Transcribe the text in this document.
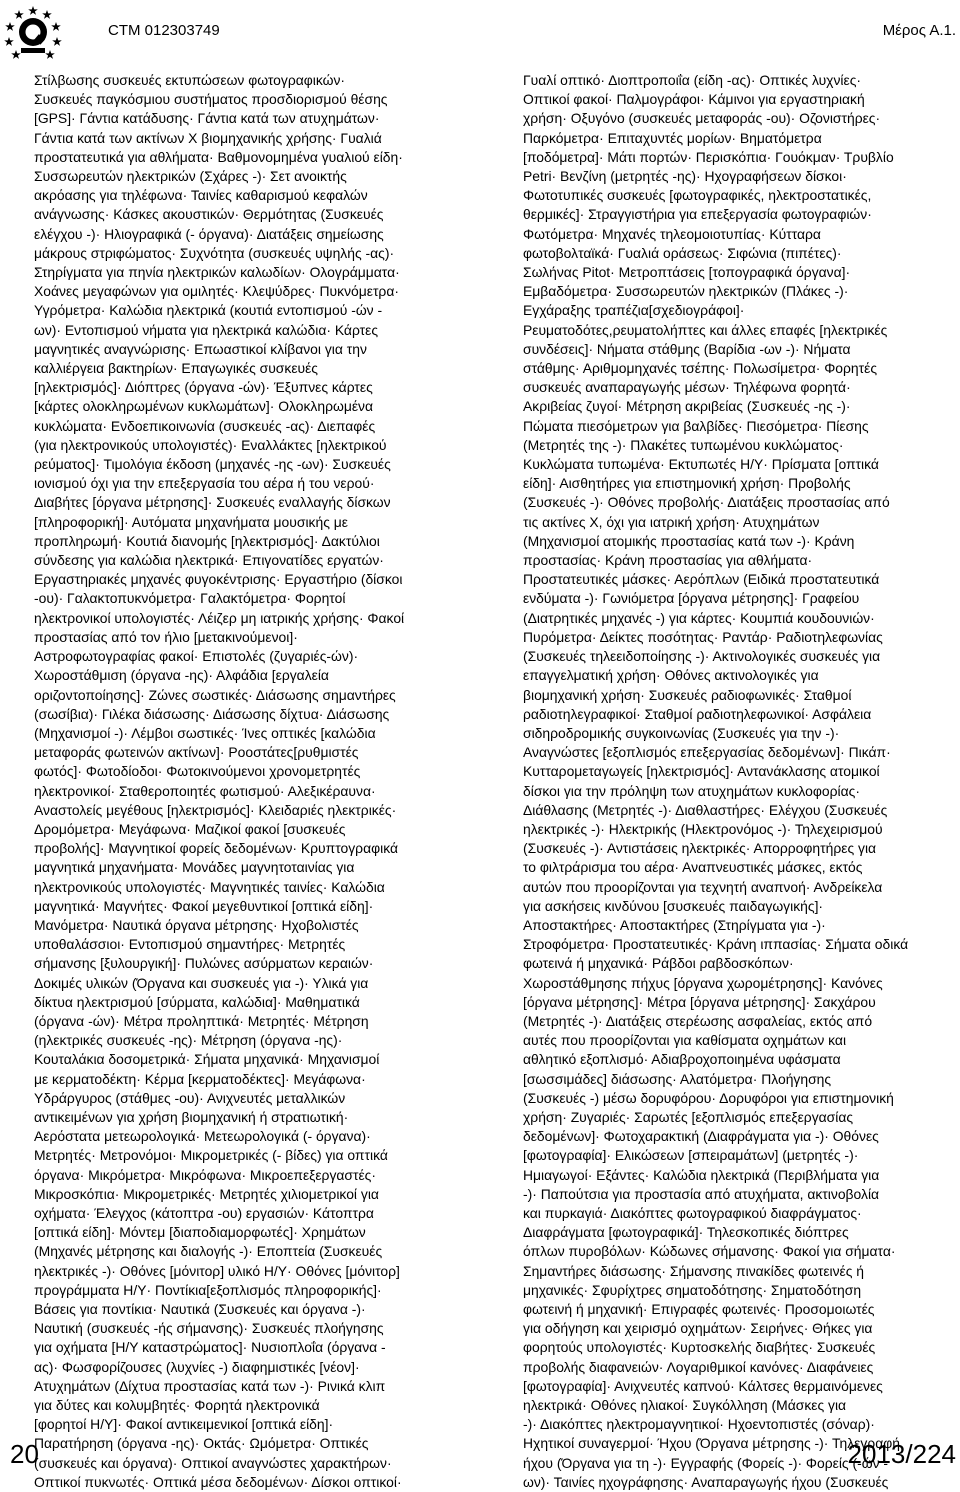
CTM 012303749	Μέρος Α.1.
Στίλβωσης συσκευές εκτυπώσεων φωτογραφικών·
Συσκευές παγκόσμιου συστήματος προσδιορισμού θέσης
[GPS]· Γάντια κατάδυσης· Γάντια κατά των ατυχημάτων·
Γάντια κατά των ακτίνων Χ βιομηχανικής χρήσης· Γυαλιά
προστατευτικά για αθλήματα· Βαθμονομημένα γυαλιού είδη·
Συσσωρευτών ηλεκτρικών (Σχάρες -)· Σετ ανοικτής
ακρόασης για τηλέφωνα· Ταινίες καθαρισμού κεφαλών
ανάγνωσης· Κάσκες ακουστικών· Θερμότητας (Συσκευές
ελέγχου -)· Ηλιογραφικά (- όργανα)· Διατάξεις σημείωσης
μάκρους στριφώματος· Συχνότητα (συσκευές υψηλής -ας)·
Στηρίγματα για πηνία ηλεκτρικών καλωδίων· Ολογράμματα·
Χοάνες μεγαφώνων για ομιλητές· Κλεψύδρες· Πυκνόμετρα·
Υγρόμετρα· Καλώδια ηλεκτρικά (κουτιά εντοπισμού -ών -
ων)· Εντοπισμού νήματα για ηλεκτρικά καλώδια· Κάρτες
μαγνητικές αναγνώρισης· Επωαστικοί κλίβανοι για την
καλλιέργεια βακτηρίων· Επαγωγικές συσκευές
[ηλεκτρισμός]· Διόπτρες (όργανα -ών)· Έξυπνες κάρτες
[κάρτες ολοκληρωμένων κυκλωμάτων]· Ολοκληρωμένα
κυκλώματα· Ενδοεπικοινωνία (συσκευές -ας)· Διεπαφές
(για ηλεκτρονικούς υπολογιστές)· Εναλλάκτες [ηλεκτρικού
ρεύματος]· Τιμολόγια έκδοση (μηχανές -ης -ων)· Συσκευές
ιονισμού όχι για την επεξεργασία του αέρα ή του νερού·
Διαβήτες [όργανα μέτρησης]· Συσκευές εναλλαγής δίσκων
[πληροφορική]· Αυτόματα μηχανήματα μουσικής με
προπληρωμή· Κουτιά διανομής [ηλεκτρισμός]· Δακτύλιοι
σύνδεσης για καλώδια ηλεκτρικά· Επιγονατίδες εργατών·
Εργαστηριακές μηχανές φυγοκέντρισης· Εργαστήριο (δίσκοι
-ου)· Γαλακτοπυκνόμετρα· Γαλακτόμετρα· Φορητοί
ηλεκτρονικοί υπολογιστές· Λέιζερ μη ιατρικής χρήσης· Φακοί
προστασίας από τον ήλιο [μετακινούμενοι]·
Αστροφωτογραφίας φακοί· Επιστολές (ζυγαριές-ών)·
Χωροστάθμιση (όργανα -ης)· Αλφάδια [εργαλεία
οριζοντοποίησης]· Ζώνες σωστικές· Διάσωσης σημαντήρες
(σωσίβια)· Γιλέκα διάσωσης· Διάσωσης δίχτυα· Διάσωσης
(Μηχανισμοί -)· Λέμβοι σωστικές· Ίνες οπτικές [καλώδια
μεταφοράς φωτεινών ακτίνων]· Ροοστάτες[ρυθμιστές
φωτός]· Φωτοδίοδοι· Φωτοκινούμενοι χρονομετρητές
ηλεκτρονικοί· Σταθεροποιητές φωτισμού· Αλεξικέραυνα·
Αναστολείς μεγέθους [ηλεκτρισμός]· Κλειδαριές ηλεκτρικές·
Δρομόμετρα· Μεγάφωνα· Μαζικοί φακοί [συσκευές
προβολής]· Μαγνητικοί φορείς δεδομένων· Κρυπτογραφικά
μαγνητικά μηχανήματα· Μονάδες μαγνητοταινίας για
ηλεκτρονικούς υπολογιστές· Μαγνητικές ταινίες· Καλώδια
μαγνητικά· Μαγνήτες· Φακοί μεγεθυντικοί [οπτικά είδη]·
Μανόμετρα· Ναυτικά όργανα μέτρησης· Ηχοβολιστές
υποθαλάσσιοι· Εντοπισμού σημαντήρες· Μετρητές
σήμανσης [ξυλουργική]· Πυλώνες ασύρματων κεραιών·
Δοκιμές υλικών (Όργανα και συσκευές για -)· Υλικά για
δίκτυα ηλεκτρισμού [σύρματα, καλώδια]· Μαθηματικά
(όργανα -ών)· Μέτρα προληπτικά· Μετρητές· Μέτρηση
(ηλεκτρικές συσκευές -ης)· Μέτρηση (όργανα -ης)·
Κουταλάκια δοσομετρικά· Σήματα μηχανικά· Μηχανισμοί
με κερματοδέκτη· Κέρμα [κερματοδέκτες]· Μεγάφωνα·
Υδράργυρος (στάθμες -ου)· Ανιχνευτές μεταλλικών
αντικειμένων για χρήση βιομηχανική ή στρατιωτική·
Αερόστατα μετεωρολογικά· Μετεωρολογικά (- όργανα)·
Μετρητές· Μετρονόμοι· Μικρομετρικές (- βίδες) για οπτικά
όργανα· Μικρόμετρα· Μικρόφωνα· Μικροεπεξεργαστές·
Μικροσκόπια· Μικρομετρικές· Μετρητές χιλιομετρικοί για
οχήματα· Έλεγχος (κάτοπτρα -ου) εργασιών· Κάτοπτρα
[οπτικά είδη]· Μόντεμ [διαποδιαμορφωτές]· Χρημάτων
(Μηχανές μέτρησης και διαλογής -)· Εποπτεία (Συσκευές
ηλεκτρικές -)· Οθόνες [μόνιτορ] υλικό Η/Υ· Οθόνες [μόνιτορ]
προγράμματα Η/Υ· Ποντίκια[εξοπλισμός πληροφορικής]·
Βάσεις για ποντίκια· Ναυτικά (Συσκευές και όργανα -)·
Ναυτική (συσκευές -ής σήμανσης)· Συσκευές πλοήγησης
για οχήματα [Η/Υ καταστρώματος]· Νυσιοπλοΐα (όργανα -
ας)· Φωσφορίζουσες (λυχνίες -) διαφημιστικές [νέον]·
Ατυχημάτων (Δίχτυα προστασίας κατά των -)· Ρινικά κλιπ
για δύτες και κολυμβητές· Φορητά ηλεκτρονικά
[φορητοί Η/Υ]· Φακοί αντικειμενικοί [οπτικά είδη]·
Παρατήρηση (όργανα -ης)· Οκτάς· Ωμόμετρα· Οπτικές
(συσκευές και όργανα)· Οπτικοί αναγνώστες χαρακτήρων·
Οπτικοί πυκνωτές· Οπτικά μέσα δεδομένων· Δίσκοι οπτικοί·
Γυαλί οπτικό· Διοπτροποιΐα (είδη -ας)· Οπτικές λυχνίες·
Οπτικοί φακοί· Παλμογράφοι· Κάμινοι για εργαστηριακή
χρήση· Οξυγόνο (συσκευές μεταφοράς -ου)· Οζονιστήρες·
Παρκόμετρα· Επιταχυντές μορίων· Βηματόμετρα
[ποδόμετρα]· Μάτι πορτών· Περισκόπια· Γουόκμαν· Τρυβλίο
Petri· Βενζίνη (μετρητές -ης)· Ηχογραφήσεων δίσκοι·
Φωτοτυπικές συσκευές [φωτογραφικές, ηλεκτροστατικές,
θερμικές]· Στραγγιστήρια για επεξεργασία φωτογραφιών·
Φωτόμετρα· Μηχανές τηλεομοιοτυπίας· Κύτταρα
φωτοβολταϊκά· Γυαλιά οράσεως· Σιφώνια (πιπέτες)·
Σωλήνας Pitot· Μετροπτάσεις [τοπογραφικά όργανα]·
Εμβαδόμετρα· Συσσωρευτών ηλεκτρικών (Πλάκες -)·
Εγχάραξης τραπέζια[σχεδιογράφοι]·
Ρευματοδότες,ρευματολήπτες και άλλες επαφές [ηλεκτρικές
συνδέσεις]· Νήματα στάθμης (Βαρίδια -ων -)· Νήματα
στάθμης· Αριθμομηχανές τσέπης· Πολωσίμετρα· Φορητές
συσκευές αναπαραγωγής μέσων· Τηλέφωνα φορητά·
Ακριβείας ζυγοί· Μέτρηση ακριβείας (Συσκευές -ης -)·
Πώματα πιεσόμετρων για βαλβίδες· Πιεσόμετρα· Πίεσης
(Μετρητές της -)· Πλακέτες τυπωμένου κυκλώματος·
Κυκλώματα τυπωμένα· Εκτυπωτές Η/Υ· Πρίσματα [οπτικά
είδη]· Αισθητήρες για επιστημονική χρήση· Προβολής
(Συσκευές -)· Οθόνες προβολής· Διατάξεις προστασίας από
τις ακτίνες Χ, όχι για ιατρική χρήση· Ατυχημάτων
(Μηχανισμοί ατομικής προστασίας κατά των -)· Κράνη
προστασίας· Κράνη προστασίας για αθλήματα·
Προστατευτικές μάσκες· Αερόπλων (Ειδικά προστατευτικά
ενδύματα -)· Γωνιόμετρα [όργανα μέτρησης]· Γραφείου
(Διατρητικές μηχανές -) για κάρτες· Κουμπιά κουδουνιών·
Πυρόμετρα· Δείκτες ποσότητας· Ραντάρ· Ραδιοτηλεφωνίας
(Συσκευές τηλεειδοποίησης -)· Ακτινολογικές συσκευές για
επαγγελματική χρήση· Οθόνες ακτινολογικές για
βιομηχανική χρήση· Συσκευές ραδιοφωνικές· Σταθμοί
ραδιοτηλεγραφικοί· Σταθμοί ραδιοτηλεφωνικοί· Ασφάλεια
σιδηροδρομικής συγκοινωνίας (Συσκευές για την -)·
Αναγνώστες [εξοπλισμός επεξεργασίας δεδομένων]· Πικάπ·
Κυτταρομεταγωγείς [ηλεκτρισμός]· Αντανάκλασης ατομικοί
δίσκοι για την πρόληψη των ατυχημάτων κυκλοφορίας·
Διάθλασης (Μετρητές -)· Διαθλαστήρες· Ελέγχου (Συσκευές
ηλεκτρικές -)· Ηλεκτρικής (Ηλεκτρονόμος -)· Τηλεχειρισμού
(Συσκευές -)· Αντιστάσεις ηλεκτρικές· Απορροφητήρες για
το φιλτράρισμα του αέρα· Αναπνευστικές μάσκες, εκτός
αυτών που προορίζονται για τεχνητή αναπνοή· Ανδρείκελα
για ασκήσεις κινδύνου [συσκευές παιδαγωγικής]·
Αποστακτήρες· Αποστακτήρες (Στηρίγματα για -)·
Στροφόμετρα· Προστατευτικές· Κράνη ιππασίας· Σήματα οδικά
φωτεινά ή μηχανικά· Ράβδοι ραβδοσκόπων·
Χωροστάθμησης πήχυς [όργανα χωρομέτρησης]· Κανόνες
[όργανα μέτρησης]· Μέτρα [όργανα μέτρησης]· Σακχάρου
(Μετρητές -)· Διατάξεις στερέωσης ασφαλείας, εκτός από
αυτές που προορίζονται για καθίσματα οχημάτων και
αθλητικό εξοπλισμό· Αδιαβροχοποιημένα υφάσματα
[σωσσιμάδες] διάσωσης· Αλατόμετρα· Πλοήγησης
(Συσκευές -) μέσω δορυφόρου· Δορυφόροι για επιστημονική
χρήση· Ζυγαριές· Σαρωτές [εξοπλισμός επεξεργασίας
δεδομένων]· Φωτοχαρακτική (Διαφράγματα για -)· Οθόνες
[φωτογραφία]· Ελικώσεων [σπειραμάτων] (μετρητές -)·
Ημιαγωγοί· Εξάντες· Καλώδια ηλεκτρικά (Περιβλήματα για
-)· Παπούτσια για προστασία από ατυχήματα, ακτινοβολία
και πυρκαγιά· Διακόπτες φωτογραφικού διαφράγματος·
Διαφράγματα [φωτογραφικά]· Τηλεσκοπικές διόπτρες
όπλων πυροβόλων· Κώδωνες σήμανσης· Φακοί για σήματα·
Σημαντήρες διάσωσης· Σήμανσης πινακίδες φωτεινές ή
μηχανικές· Σφυρίχτρες σηματοδότησης· Σηματοδότηση
φωτεινή ή μηχανική· Επιγραφές φωτεινές· Προσομοιωτές
για οδήγηση και χειρισμό οχημάτων· Σειρήνες· Θήκες για
φορητούς υπολογιστές· Κυρτοσκελής διαβήτες· Συσκευές
προβολής διαφανειών· Λογαριθμικοί κανόνες· Διαφάνειες
[φωτογραφία]· Ανιχνευτές καπνού· Κάλτσες θερμαινόμενες
ηλεκτρικά· Οθόνες ηλιακοί· Συγκόλληση (Μάσκες για
-)· Διακόπτες ηλεκτρομαγνητικοί· Ηχοεντοπιστές (σόναρ)·
Ηχητικοί συναγερμοί· Ήχου (Όργανα μέτρησης -)· Τηλεγραφή
ήχου (Όργανα για τη -)· Εγγραφής (Φορείς -)· Φορείς (-ών -
ων)· Ταινίες ηχογράφησης· Αναπαραγωγής ήχου (Συσκευές
20	2013/224
